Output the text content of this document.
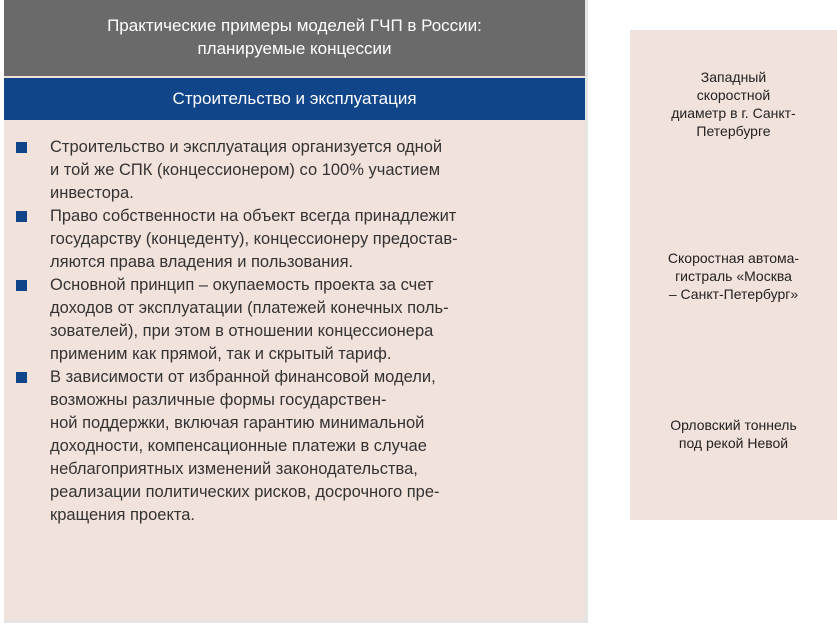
Практические примеры моделей ГЧП в России:
планируемые концессии
Строительство и эксплуатация
Строительство и эксплуатация организуется одной
и той же СПК (концессионером) со 100% участием
инвестора.
Право собственности на объект всегда принадлежит
государству (концеденту), концессионеру предостав-
ляются права владения и пользования.
Основной принцип – окупаемость проекта за счет
доходов от эксплуатации (платежей конечных поль-
зователей), при этом в отношении концессионера
применим как прямой, так и скрытый тариф.
В зависимости от избранной финансовой модели,
возможны различные формы государствен-
ной поддержки, включая гарантию минимальной
доходности, компенсационные платежи в случае
неблагоприятных изменений законодательства,
реализации политических рисков, досрочного пре-
кращения проекта.
Западный
скоростной
диаметр в г. Санкт-
Петербурге
Скоростная автома-
гистраль «Москва
– Санкт-Петербург»
Орловский тоннель
под рекой Невой
